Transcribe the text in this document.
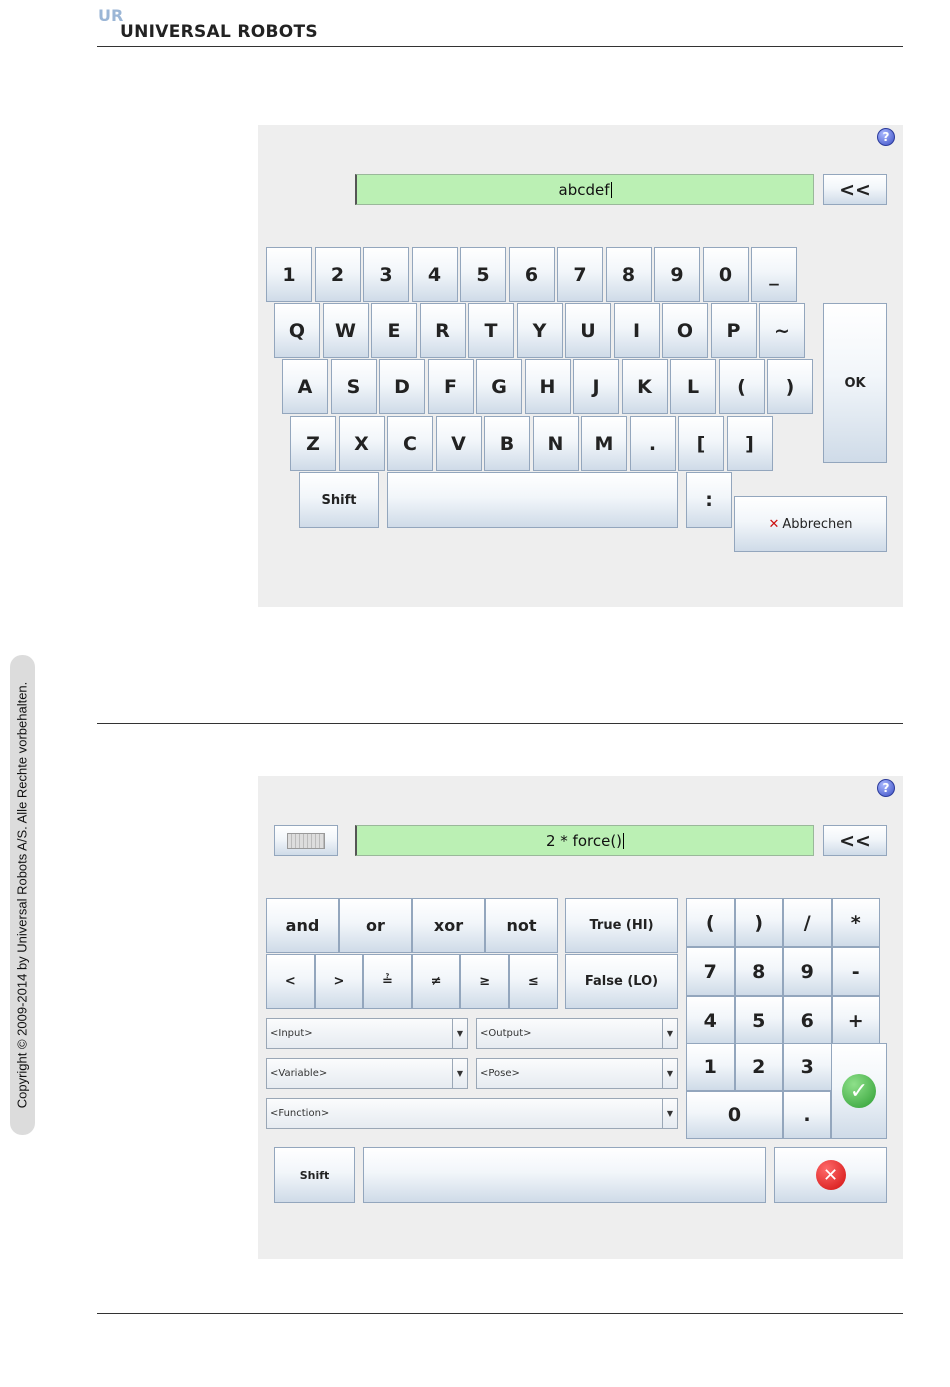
UR
UNIVERSAL ROBOTS
Copyright © 2009-2014 by Universal Robots A/S. Alle Rechte vorbehalten.
?
abcdef	<<
1	2	3	4	5	6	7	8	9	0	_
Q	W	E	R	T	Y	U	I	O	P	~
A	S	D	F	G	H	J	K	L	(	)
Z	X	C	V	B	N	M	.	[	]
Shift	:
OK
✕ Abbrechen
?
2 * force()	<<
and	or	xor	not
<	>	≟	≠	≥	≤
(	)	/	*
7	8	9	-
4	5	6	+
1	2	3
0	.
True (HI)
False (LO)
<Input>	▼	<Output>	▼
<Variable>	▼	<Pose>	▼
<Function>	▼
Shift	✕
✓
